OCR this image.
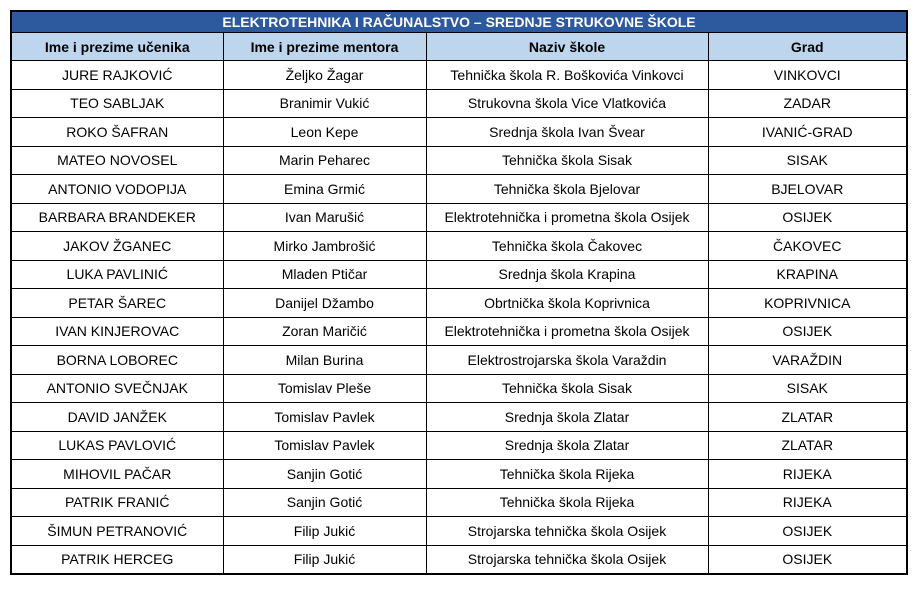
ELEKTROTEHNIKA I RAČUNALSTVO – SREDNJE STRUKOVNE ŠKOLE			
Ime i prezime učenika	Ime i prezime mentora	Naziv škole	Grad
JURE RAJKOVIĆ	Željko Žagar	Tehnička škola R. Boškovića Vinkovci	VINKOVCI
TEO SABLJAK	Branimir Vukić	Strukovna škola Vice Vlatkovića	ZADAR
ROKO ŠAFRAN	Leon Kepe	Srednja škola Ivan Švear	IVANIĆ-GRAD
MATEO NOVOSEL	Marin Peharec	Tehnička škola Sisak	SISAK
ANTONIO VODOPIJA	Emina Grmić	Tehnička škola Bjelovar	BJELOVAR
BARBARA BRANDEKER	Ivan Marušić	Elektrotehnička i prometna škola Osijek	OSIJEK
JAKOV ŽGANEC	Mirko Jambrošić	Tehnička škola Čakovec	ČAKOVEC
LUKA PAVLINIĆ	Mladen Ptičar	Srednja škola Krapina	KRAPINA
PETAR ŠAREC	Danijel Džambo	Obrtnička škola Koprivnica	KOPRIVNICA
IVAN KINJEROVAC	Zoran Maričić	Elektrotehnička i prometna škola Osijek	OSIJEK
BORNA LOBOREC	Milan Burina	Elektrostrojarska škola Varaždin	VARAŽDIN
ANTONIO SVEČNJAK	Tomislav Pleše	Tehnička škola Sisak	SISAK
DAVID JANŽEK	Tomislav Pavlek	Srednja škola Zlatar	ZLATAR
LUKAS PAVLOVIĆ	Tomislav Pavlek	Srednja škola Zlatar	ZLATAR
MIHOVIL PAČAR	Sanjin Gotić	Tehnička škola Rijeka	RIJEKA
PATRIK FRANIĆ	Sanjin Gotić	Tehnička škola Rijeka	RIJEKA
ŠIMUN PETRANOVIĆ	Filip Jukić	Strojarska tehnička škola Osijek	OSIJEK
PATRIK HERCEG	Filip Jukić	Strojarska tehnička škola Osijek	OSIJEK
